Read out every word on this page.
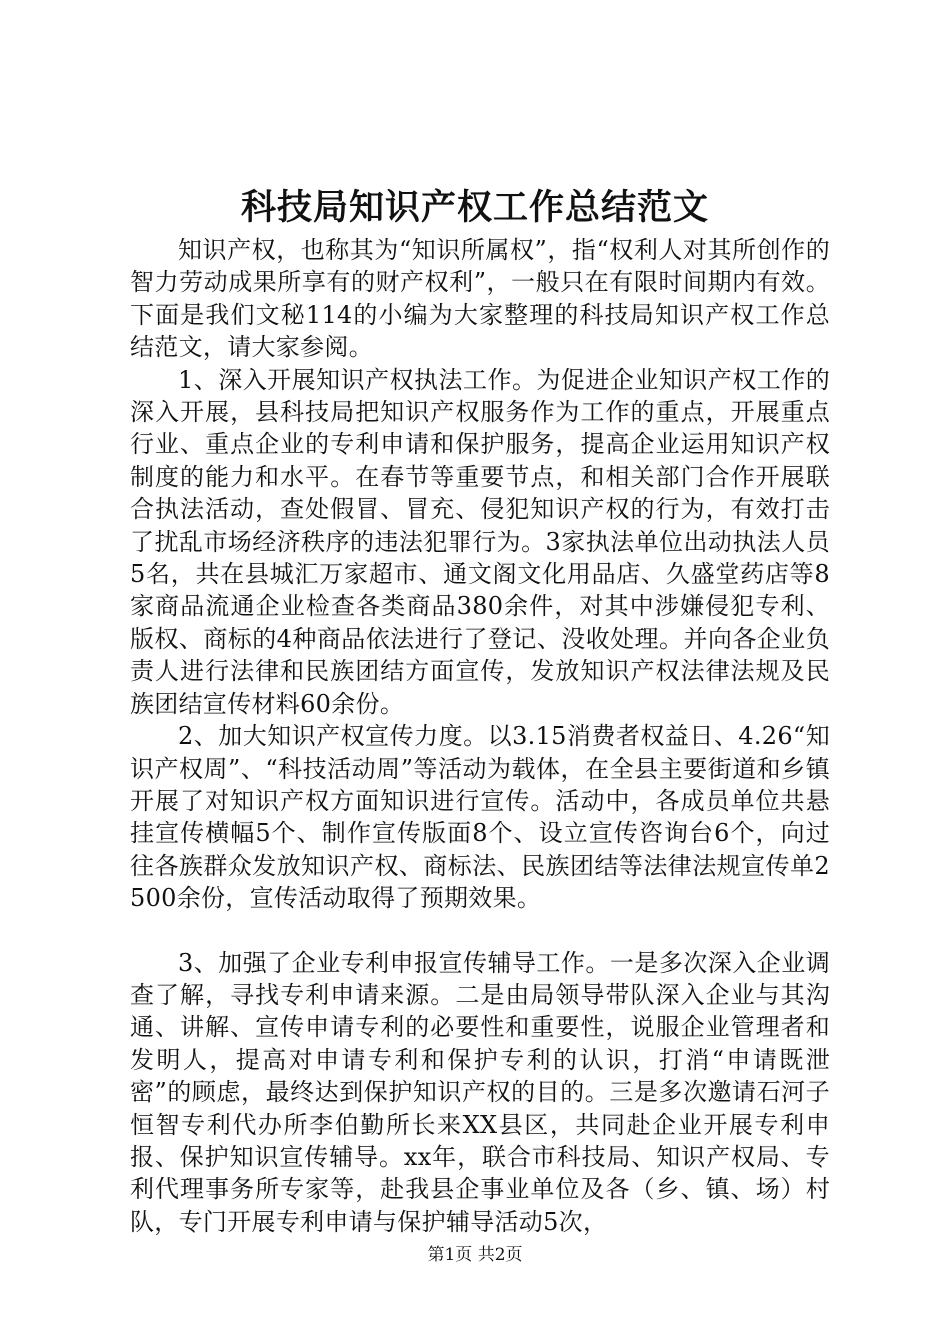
科技局知识产权工作总结范文

知识产权，也称其为“知识所属权”，指“权利人对其所创作的智力劳动成果所享有的财产权利”，一般只在有限时间期内有效。下面是我们文秘114的小编为大家整理的科技局知识产权工作总结范文，请大家参阅。

1、深入开展知识产权执法工作。为促进企业知识产权工作的深入开展，县科技局把知识产权服务作为工作的重点，开展重点行业、重点企业的专利申请和保护服务，提高企业运用知识产权制度的能力和水平。在春节等重要节点，和相关部门合作开展联合执法活动，查处假冒、冒充、侵犯知识产权的行为，有效打击了扰乱市场经济秩序的违法犯罪行为。3家执法单位出动执法人员5名，共在县城汇万家超市、通文阁文化用品店、久盛堂药店等8家商品流通企业检查各类商品380余件，对其中涉嫌侵犯专利、版权、商标的4种商品依法进行了登记、没收处理。并向各企业负责人进行法律和民族团结方面宣传，发放知识产权法律法规及民族团结宣传材料60余份。

2、加大知识产权宣传力度。以3.15消费者权益日、4.26“知识产权周”、“科技活动周”等活动为载体，在全县主要街道和乡镇开展了对知识产权方面知识进行宣传。活动中，各成员单位共悬挂宣传横幅5个、制作宣传版面8个、设立宣传咨询台6个，向过往各族群众发放知识产权、商标法、民族团结等法律法规宣传单2500余份，宣传活动取得了预期效果。

3、加强了企业专利申报宣传辅导工作。一是多次深入企业调查了解，寻找专利申请来源。二是由局领导带队深入企业与其沟通、讲解、宣传申请专利的必要性和重要性，说服企业管理者和发明人，提高对申请专利和保护专利的认识，打消“申请既泄密”的顾虑，最终达到保护知识产权的目的。三是多次邀请石河子恒智专利代办所李伯勤所长来XX县区，共同赴企业开展专利申报、保护知识宣传辅导。xx年，联合市科技局、知识产权局、专利代理事务所专家等，赴我县企事业单位及各（乡、镇、场）村队，专门开展专利申请与保护辅导活动5次，

第1页 共2页
